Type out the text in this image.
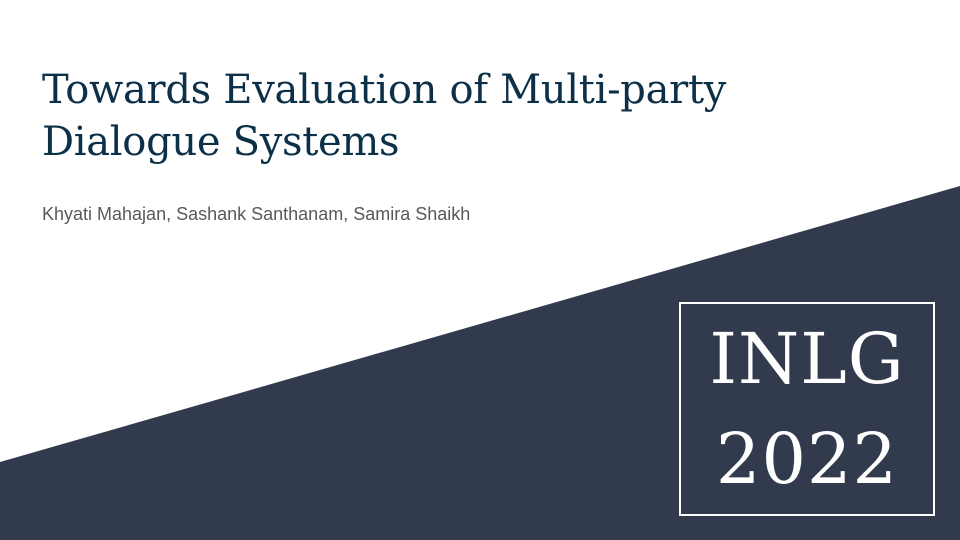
Towards Evaluation of Multi-party Dialogue Systems

Khyati Mahajan, Sashank Santhanam, Samira Shaikh

INLG
2022
